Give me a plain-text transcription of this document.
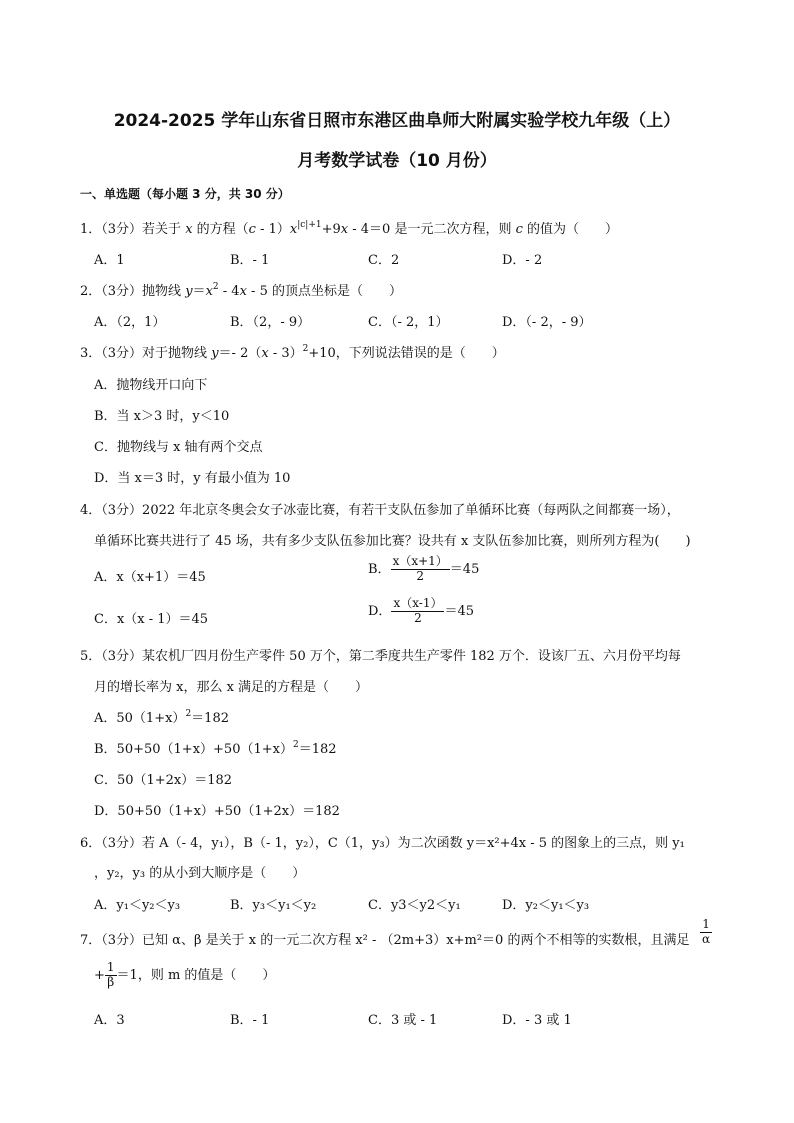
2024-2025 学年山东省日照市东港区曲阜师大附属实验学校九年级（上）
月考数学试卷（10 月份）
一、单选题（每小题 3 分，共 30 分）
1．（3分）若关于 x 的方程$(c - 1)x^{|c|+1}+9x - 4=0$ 是一元二次方程，则 c 的值为（　　）
A．1	B．- 1	C．2	D．- 2
2．（3分）抛物线 $y=x^2 - 4x - 5$ 的顶点坐标是（　　）
A．（2，1）	B．（2，- 9）	C．（- 2，1）	D．（- 2，- 9）
3．（3分）对于抛物线 y＝- 2（x - 3）$^2$+10，下列说法错误的是（　　）
A．抛物线开口向下
B．当 x＞3 时，y＜10
C．抛物线与 x 轴有两个交点
D．当 x＝3 时，y 有最小值为 10
4．（3分）2022 年北京冬奥会女子冰壶比赛，有若干支队伍参加了单循环比赛（每两队之间都赛一场），
单循环比赛共进行了 45 场，共有多少支队伍参加比赛？设共有 x 支队伍参加比赛，则所列方程为(　　)
A．x（x+1）＝45
B． $\frac{x(x+1)}{2} =45$
C．x（x - 1）＝45
D． $\frac{x(x-1)}{2} =45$
5．（3分）某农机厂四月份生产零件 50 万个，第二季度共生产零件 182 万个．设该厂五、六月份平均每
月的增长率为 x，那么 x 满足的方程是（　　）
A．$50(1+x)^2=182$
B．$50+50(1+x)+50(1+x)^2=182$
C．50（1+2x）＝182
D．50+50（1+x）+50（1+2x）＝182
6．（3分）若 A（- 4，y₁），B（- 1，y₂），C（1，y₃）为二次函数 y＝x²+4x - 5 的图象上的三点，则 y₁
，y₂，y₃ 的从小到大顺序是（　　）
A．y₁＜y₂＜y₃	B．y₃＜y₁＜y₂	C．y3＜y2＜y₁	D．y₂＜y₁＜y₃
7．（3分）已知 α、β 是关于 x 的一元二次方程 x² - （2m+3）x+m²＝0 的两个不相等的实数根，且满足 $\frac{1}{\alpha}$
+ $\frac{1}{\beta} =1$，则 m 的值是（　　）
A．3	B．- 1	C．3 或 - 1	D．- 3 或 1
